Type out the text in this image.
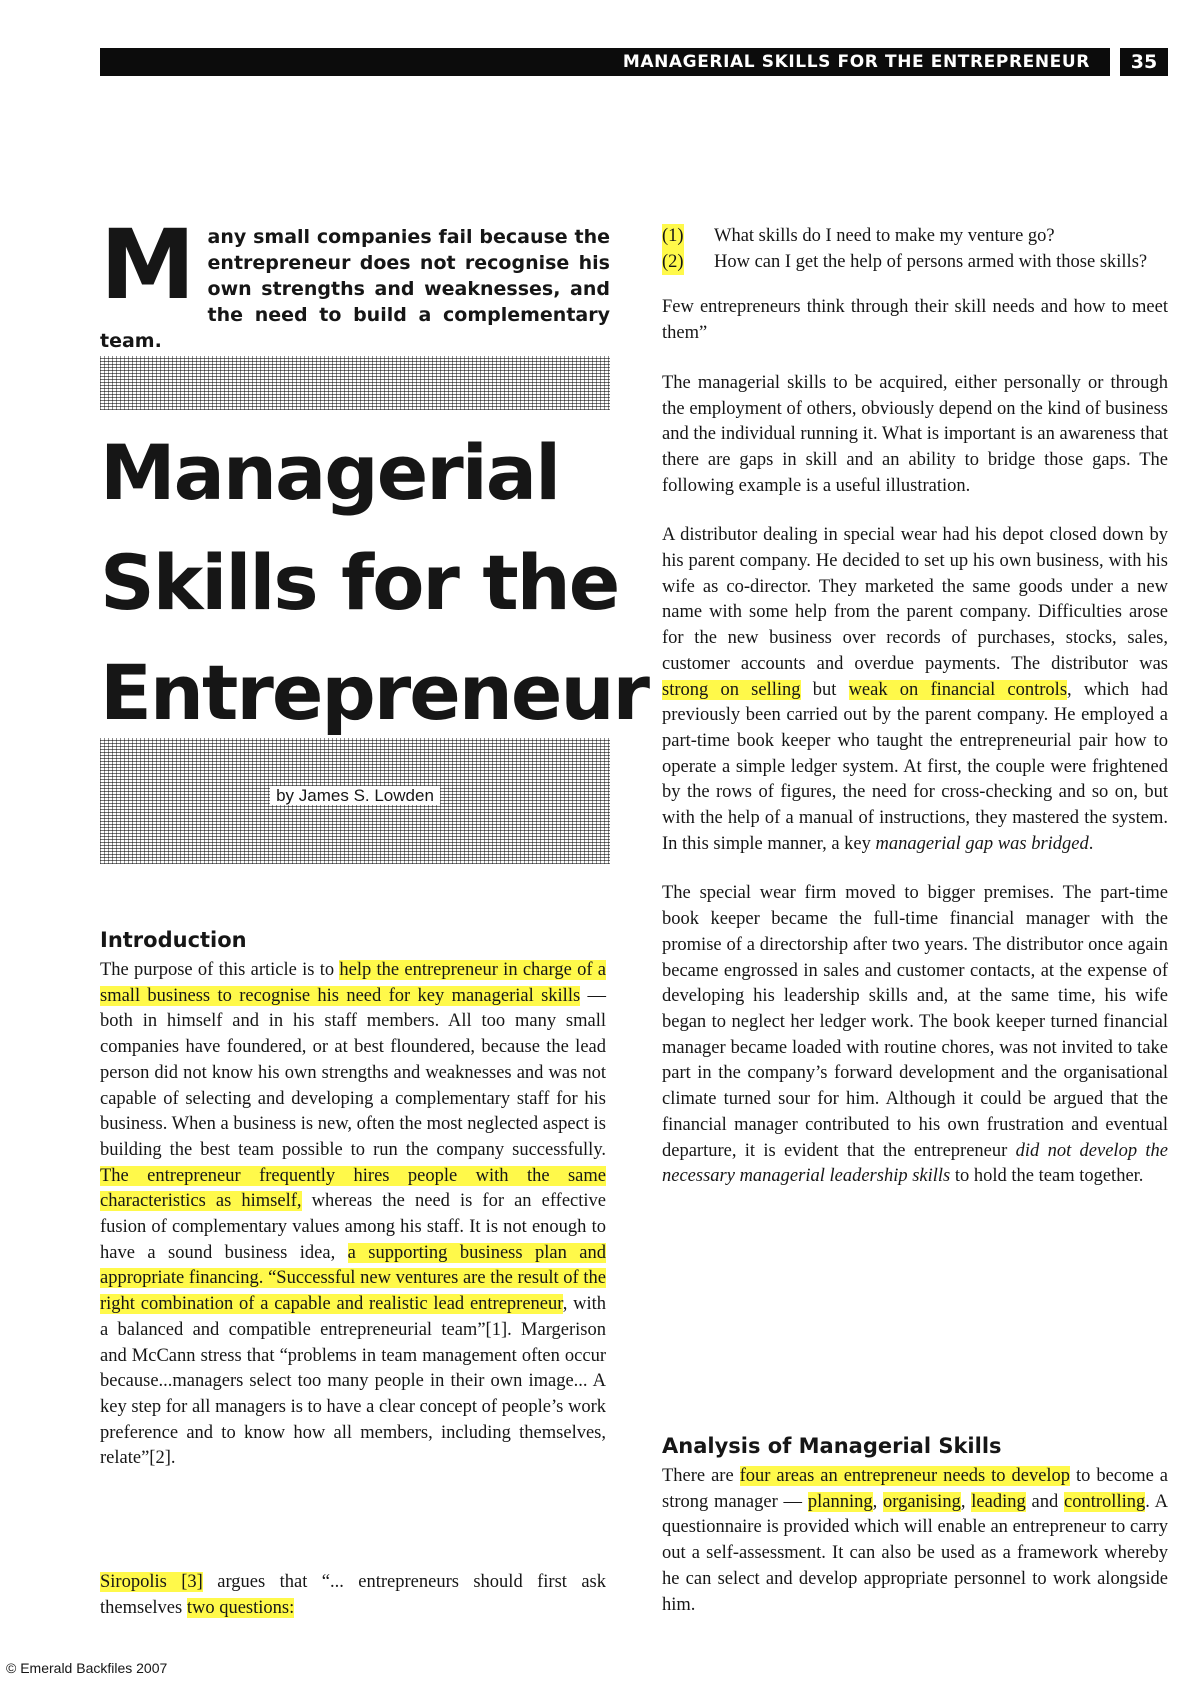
MANAGERIAL SKILLS FOR THE ENTREPRENEUR	35
Many small companies fail because the entrepreneur does not recognise his own strengths and weaknesses, and the need to build a complementary team.
Managerial
Skills for the
Entrepreneur
by James S. Lowden
Introduction

The purpose of this article is to help the entrepreneur in charge of a small business to recognise his need for key managerial skills — both in himself and in his staff members. All too many small companies have foundered, or at best floundered, because the lead person did not know his own strengths and weaknesses and was not capable of selecting and developing a complementary staff for his business. When a business is new, often the most neglected aspect is building the best team possible to run the company successfully. The entrepreneur frequently hires people with the same characteristics as himself, whereas the need is for an effective fusion of complementary values among his staff. It is not enough to have a sound business idea, a supporting business plan and appropriate financing. “Successful new ventures are the result of the right combination of a capable and realistic lead entrepreneur, with a balanced and compatible entrepreneurial team”[1]. Margerison and McCann stress that “problems in team management often occur because...managers select too many people in their own image... A key step for all managers is to have a clear concept of people’s work preference and to know how all members, including themselves, relate”[2].

Siropolis [3] argues that “... entrepreneurs should first ask themselves two questions:

(1) What skills do I need to make my venture go?
(2) How can I get the help of persons armed with those skills?

Few entrepreneurs think through their skill needs and how to meet them”

The managerial skills to be acquired, either personally or through the employment of others, obviously depend on the kind of business and the individual running it. What is important is an awareness that there are gaps in skill and an ability to bridge those gaps. The following example is a useful illustration.

A distributor dealing in special wear had his depot closed down by his parent company. He decided to set up his own business, with his wife as co-director. They marketed the same goods under a new name with some help from the parent company. Difficulties arose for the new business over records of purchases, stocks, sales, customer accounts and overdue payments. The distributor was strong on selling but weak on financial controls, which had previously been carried out by the parent company. He employed a part-time book keeper who taught the entrepreneurial pair how to operate a simple ledger system. At first, the couple were frightened by the rows of figures, the need for cross-checking and so on, but with the help of a manual of instructions, they mastered the system. In this simple manner, a key managerial gap was bridged.

The special wear firm moved to bigger premises. The part-time book keeper became the full-time financial manager with the promise of a directorship after two years. The distributor once again became engrossed in sales and customer contacts, at the expense of developing his leadership skills and, at the same time, his wife began to neglect her ledger work. The book keeper turned financial manager became loaded with routine chores, was not invited to take part in the company’s forward development and the organisational climate turned sour for him. Although it could be argued that the financial manager contributed to his own frustration and eventual departure, it is evident that the entrepreneur did not develop the necessary managerial leadership skills to hold the team together.

Analysis of Managerial Skills

There are four areas an entrepreneur needs to develop to become a strong manager — planning, organising, leading and controlling. A questionnaire is provided which will enable an entrepreneur to carry out a self-assessment. It can also be used as a framework whereby he can select and develop appropriate personnel to work alongside him.

© Emerald Backfiles 2007
